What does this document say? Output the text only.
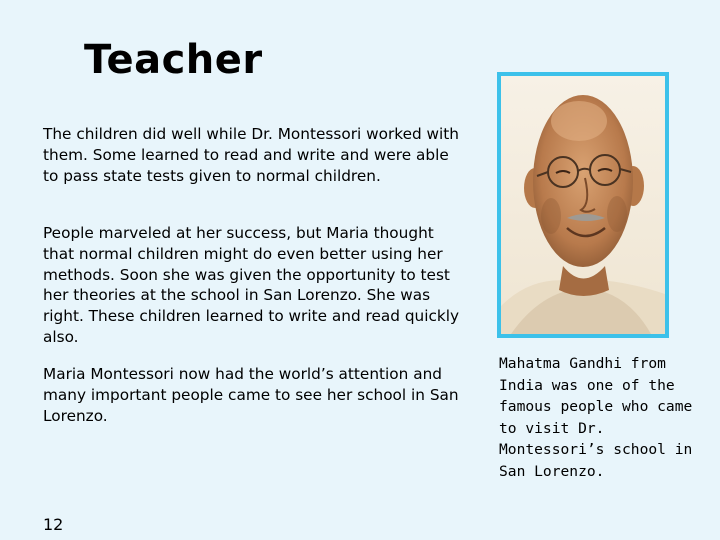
Teacher
The children did well while Dr. Montessori worked with them. Some learned to read and write and were able to pass state tests given to normal children.
People marveled at her success, but Maria thought that normal children might do even better using her methods. Soon she was given the opportunity to test her theories at the school in San Lorenzo. She was right. These children learned to write and read quickly also.
Maria Montessori now had the world’s attention and many important people came to see her school in San Lorenzo.
12
Mahatma Gandhi from India was one of the famous people who came to visit Dr. Montessori’s school in San Lorenzo.
